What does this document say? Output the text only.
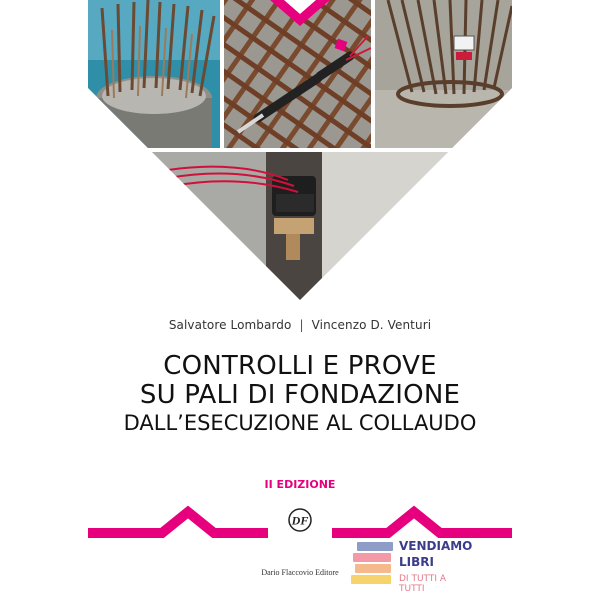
Salvatore Lombardo | Vincenzo D. Venturi
CONTROLLI E PROVE
SU PALI DI FONDAZIONE
DALL’ESECUZIONE AL COLLAUDO
II EDIZIONE
DF
Dario Flaccovio Editore
VENDIAMO
LIBRI
DI TUTTI A TUTTI
